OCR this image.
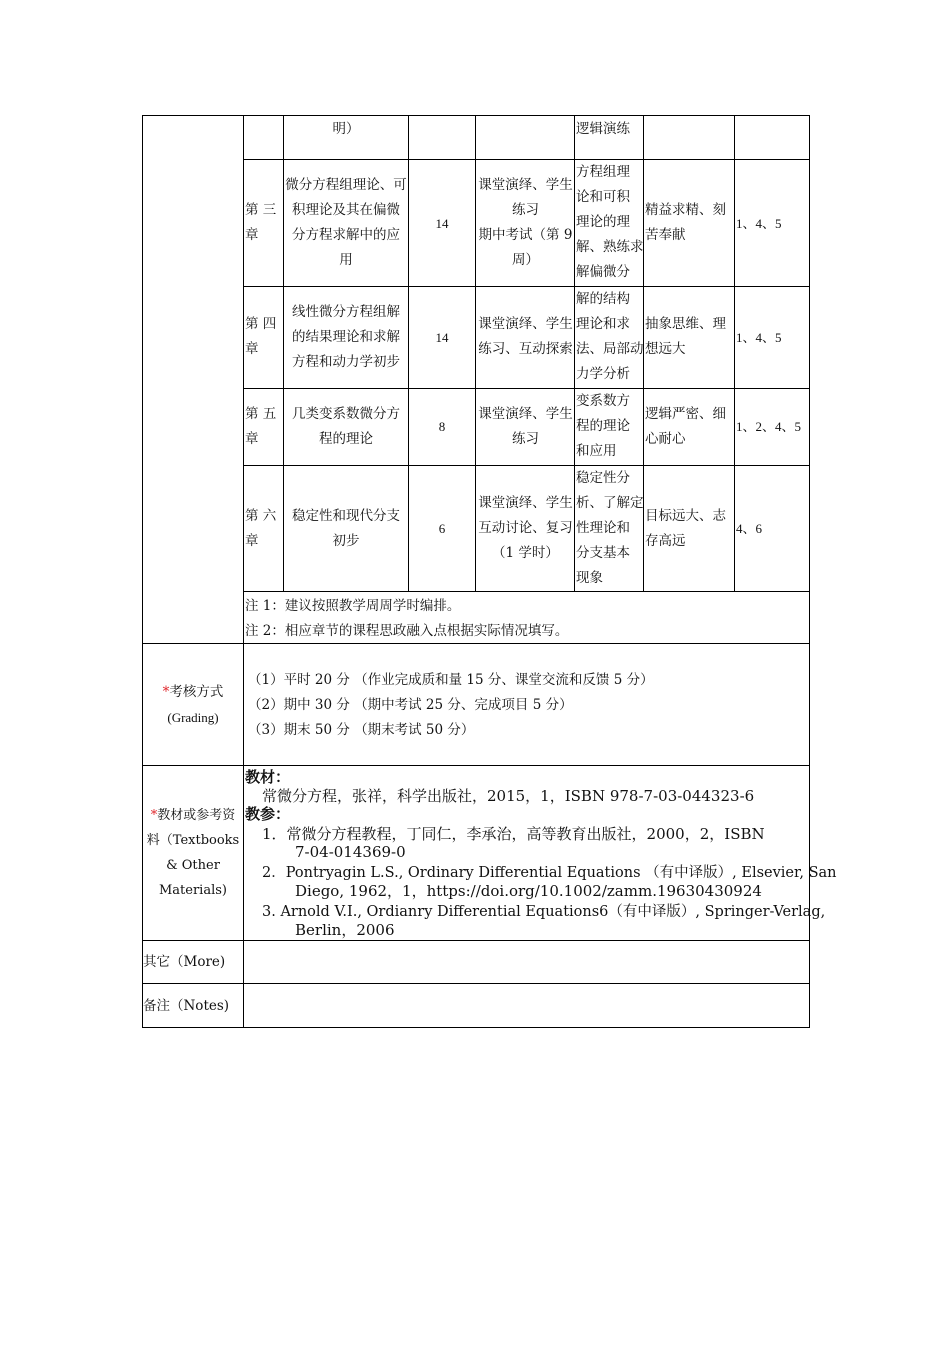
明）	逻辑演练
第 三
章
微分方程组理论、可
积理论及其在偏微
分方程求解中的应
用
14
课堂演绎、学生
练习
期中考试（第 9
周）
方程组理
论和可积
理论的理
解、熟练求
解偏微分
精益求精、刻
苦奉献
1、4、5
第 四
章
线性微分方程组解
的结果理论和求解
方程和动力学初步
14
课堂演绎、学生
练习、互动探索
解的结构
理论和求
法、局部动
力学分析
抽象思维、理
想远大
1、4、5
第 五
章
几类变系数微分方
程的理论
8
课堂演绎、学生
练习
变系数方
程的理论
和应用
逻辑严密、细
心耐心
1、2、4、5
第 六
章
稳定性和现代分支
初步
6
课堂演绎、学生
互动讨论、复习
（1 学时）
稳定性分
析、了解定
性理论和
分支基本
现象
目标远大、志
存高远
4、6
注 1：建议按照教学周周学时编排。
注 2：相应章节的课程思政融入点根据实际情况填写。
*考核方式
(Grading)
（1）平时 20 分 （作业完成质和量 15 分、课堂交流和反馈 5 分）
（2）期中 30 分 （期中考试 25 分、完成项目 5 分）
（3）期末 50 分 （期末考试 50 分）
*教材或参考资
料（Textbooks
& Other
Materials)
教材：
常微分方程，张祥，科学出版社，2015，1，ISBN 978-7-03-044323-6
教参：
1．常微分方程教程，丁同仁，李承治，高等教育出版社，2000，2，ISBN
7-04-014369-0
2．Pontryagin L.S., Ordinary Differential Equations （有中译版）, Elsevier, San
Diego, 1962，1，https://doi.org/10.1002/zamm.19630430924
3. Arnold V.I., Ordianry Differential Equations6（有中译版）, Springer-Verlag,
Berlin，2006
其它（More)
备注（Notes)
